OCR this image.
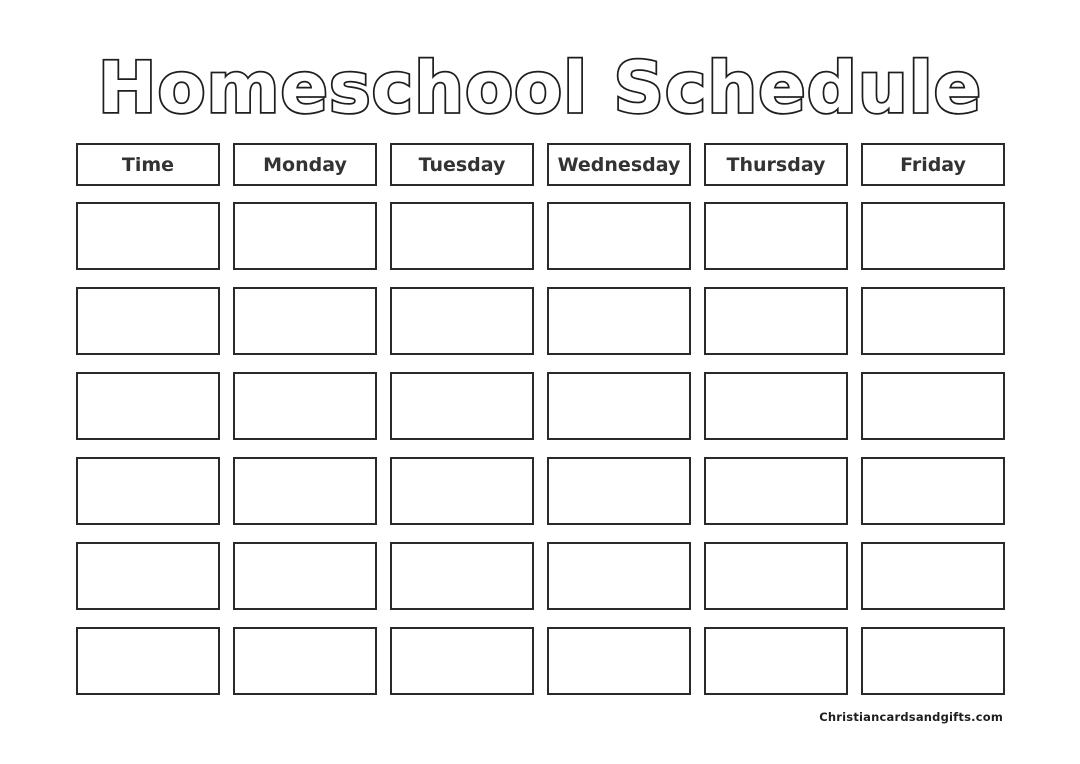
Homeschool Schedule
Time	Monday	Tuesday	Wednesday	Thursday	Friday
Christiancardsandgifts.com
